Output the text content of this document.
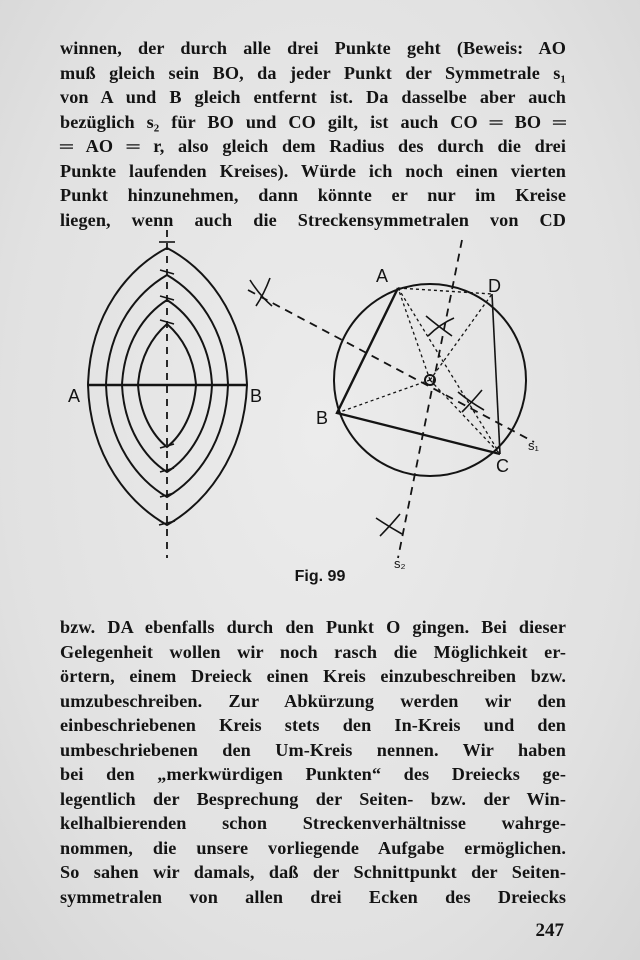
winnen, der durch alle drei Punkte geht (Beweis: AO
muß gleich sein BO, da jeder Punkt der Symmetrale s₁
von A und B gleich entfernt ist. Da dasselbe aber auch
bezüglich s₂ für BO und CO gilt, ist auch CO ═ BO ═
═ AO ═ r, also gleich dem Radius des durch die drei
Punkte laufenden Kreises). Würde ich noch einen vierten
Punkt hinzunehmen, dann könnte er nur im Kreise
liegen, wenn auch die Streckensymmetralen von CD
A	B
A
B
C
D
s₁
s₂
Fig. 99
bzw. DA ebenfalls durch den Punkt O gingen. Bei dieser
Gelegenheit wollen wir noch rasch die Möglichkeit er-
örtern, einem Dreieck einen Kreis einzubeschreiben bzw.
umzubeschreiben. Zur Abkürzung werden wir den
einbeschriebenen Kreis stets den In-Kreis und den
umbeschriebenen den Um-Kreis nennen. Wir haben
bei den „merkwürdigen Punkten“ des Dreiecks ge-
legentlich der Besprechung der Seiten- bzw. der Win-
kelhalbierenden schon Streckenverhältnisse wahrge-
nommen, die unsere vorliegende Aufgabe ermöglichen.
So sahen wir damals, daß der Schnittpunkt der Seiten-
symmetralen von allen drei Ecken des Dreiecks
247
